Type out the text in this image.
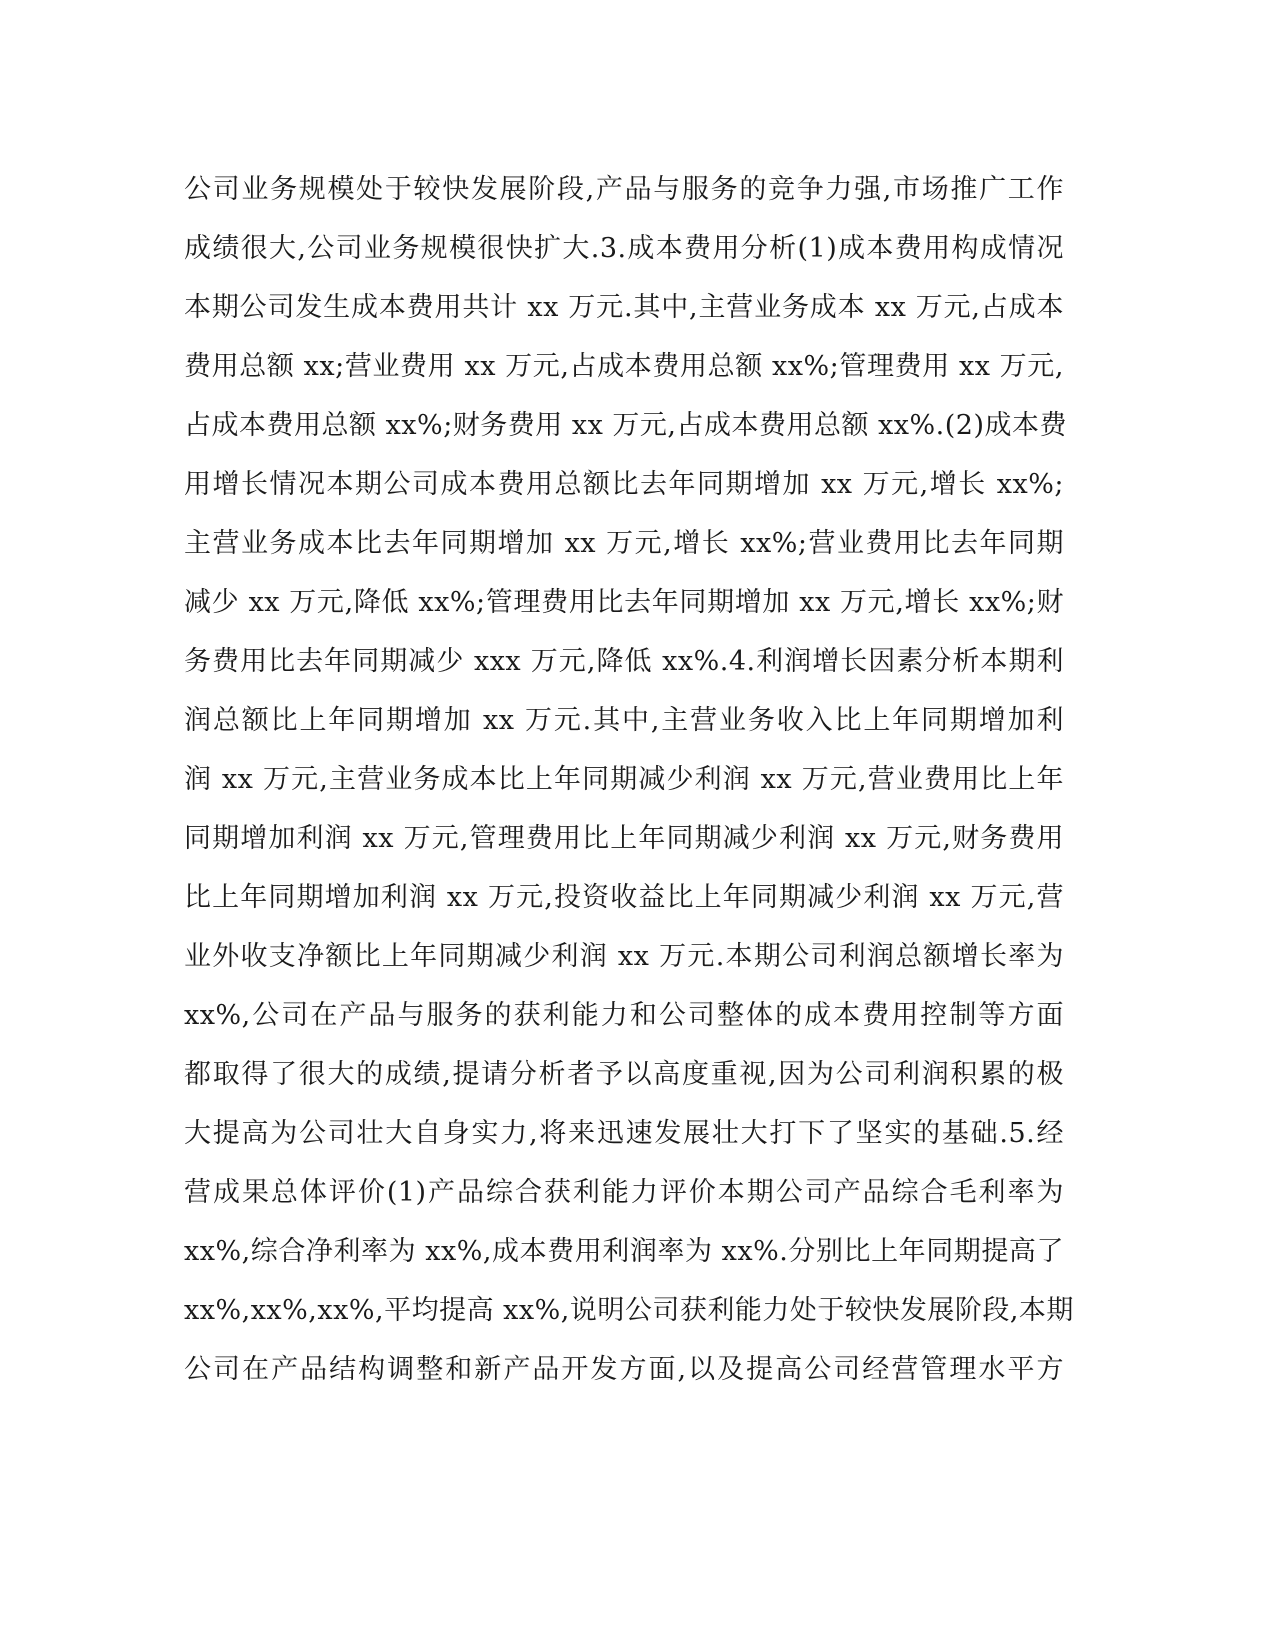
公司业务规模处于较快发展阶段,产品与服务的竞争力强,市场推广工作
成绩很大,公司业务规模很快扩大.3.成本费用分析(1)成本费用构成情况
本期公司发生成本费用共计 xx 万元.其中,主营业务成本 xx 万元,占成本
费用总额 xx;营业费用 xx 万元,占成本费用总额 xx%;管理费用 xx 万元,
占成本费用总额 xx%;财务费用 xx 万元,占成本费用总额 xx%.(2)成本费
用增长情况本期公司成本费用总额比去年同期增加 xx 万元,增长 xx%;
主营业务成本比去年同期增加 xx 万元,增长 xx%;营业费用比去年同期
减少 xx 万元,降低 xx%;管理费用比去年同期增加 xx 万元,增长 xx%;财
务费用比去年同期减少 xxx 万元,降低 xx%.4.利润增长因素分析本期利
润总额比上年同期增加 xx 万元.其中,主营业务收入比上年同期增加利
润 xx 万元,主营业务成本比上年同期减少利润 xx 万元,营业费用比上年
同期增加利润 xx 万元,管理费用比上年同期减少利润 xx 万元,财务费用
比上年同期增加利润 xx 万元,投资收益比上年同期减少利润 xx 万元,营
业外收支净额比上年同期减少利润 xx 万元.本期公司利润总额增长率为
xx%,公司在产品与服务的获利能力和公司整体的成本费用控制等方面
都取得了很大的成绩,提请分析者予以高度重视,因为公司利润积累的极
大提高为公司壮大自身实力,将来迅速发展壮大打下了坚实的基础.5.经
营成果总体评价(1)产品综合获利能力评价本期公司产品综合毛利率为
xx%,综合净利率为 xx%,成本费用利润率为 xx%.分别比上年同期提高了
xx%,xx%,xx%,平均提高 xx%,说明公司获利能力处于较快发展阶段,本期
公司在产品结构调整和新产品开发方面,以及提高公司经营管理水平方
